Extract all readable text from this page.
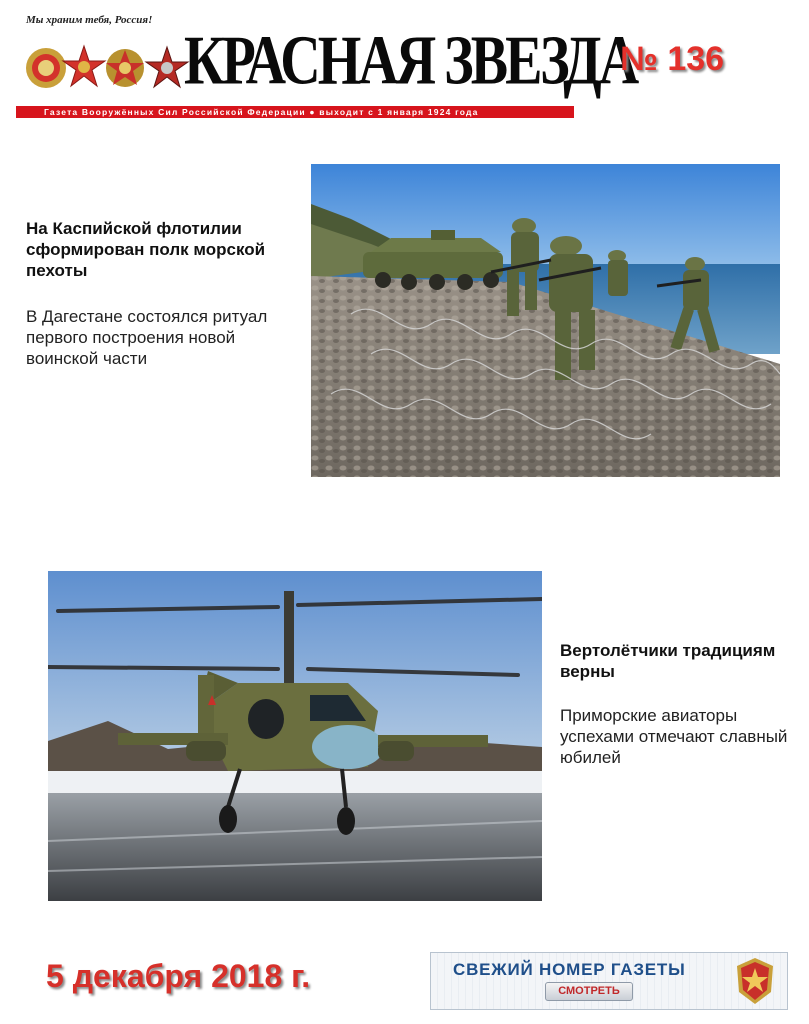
Мы храним тебя, Россия!
КРАСНАЯ ЗВЕЗДА
Газета Вооружённых Сил Российской Федерации ● выходит с 1 января 1924 года
№ 136
На Каспийской флотилии сформирован полк морской пехоты
В Дагестане состоялся ритуал первого построения новой воинской части
Вертолётчики традициям верны
Приморские авиаторы успехами отмечают славный юбилей
5 декабря 2018 г.	СВЕЖИЙ НОМЕР ГАЗЕТЫ
СМОТРЕТЬ
